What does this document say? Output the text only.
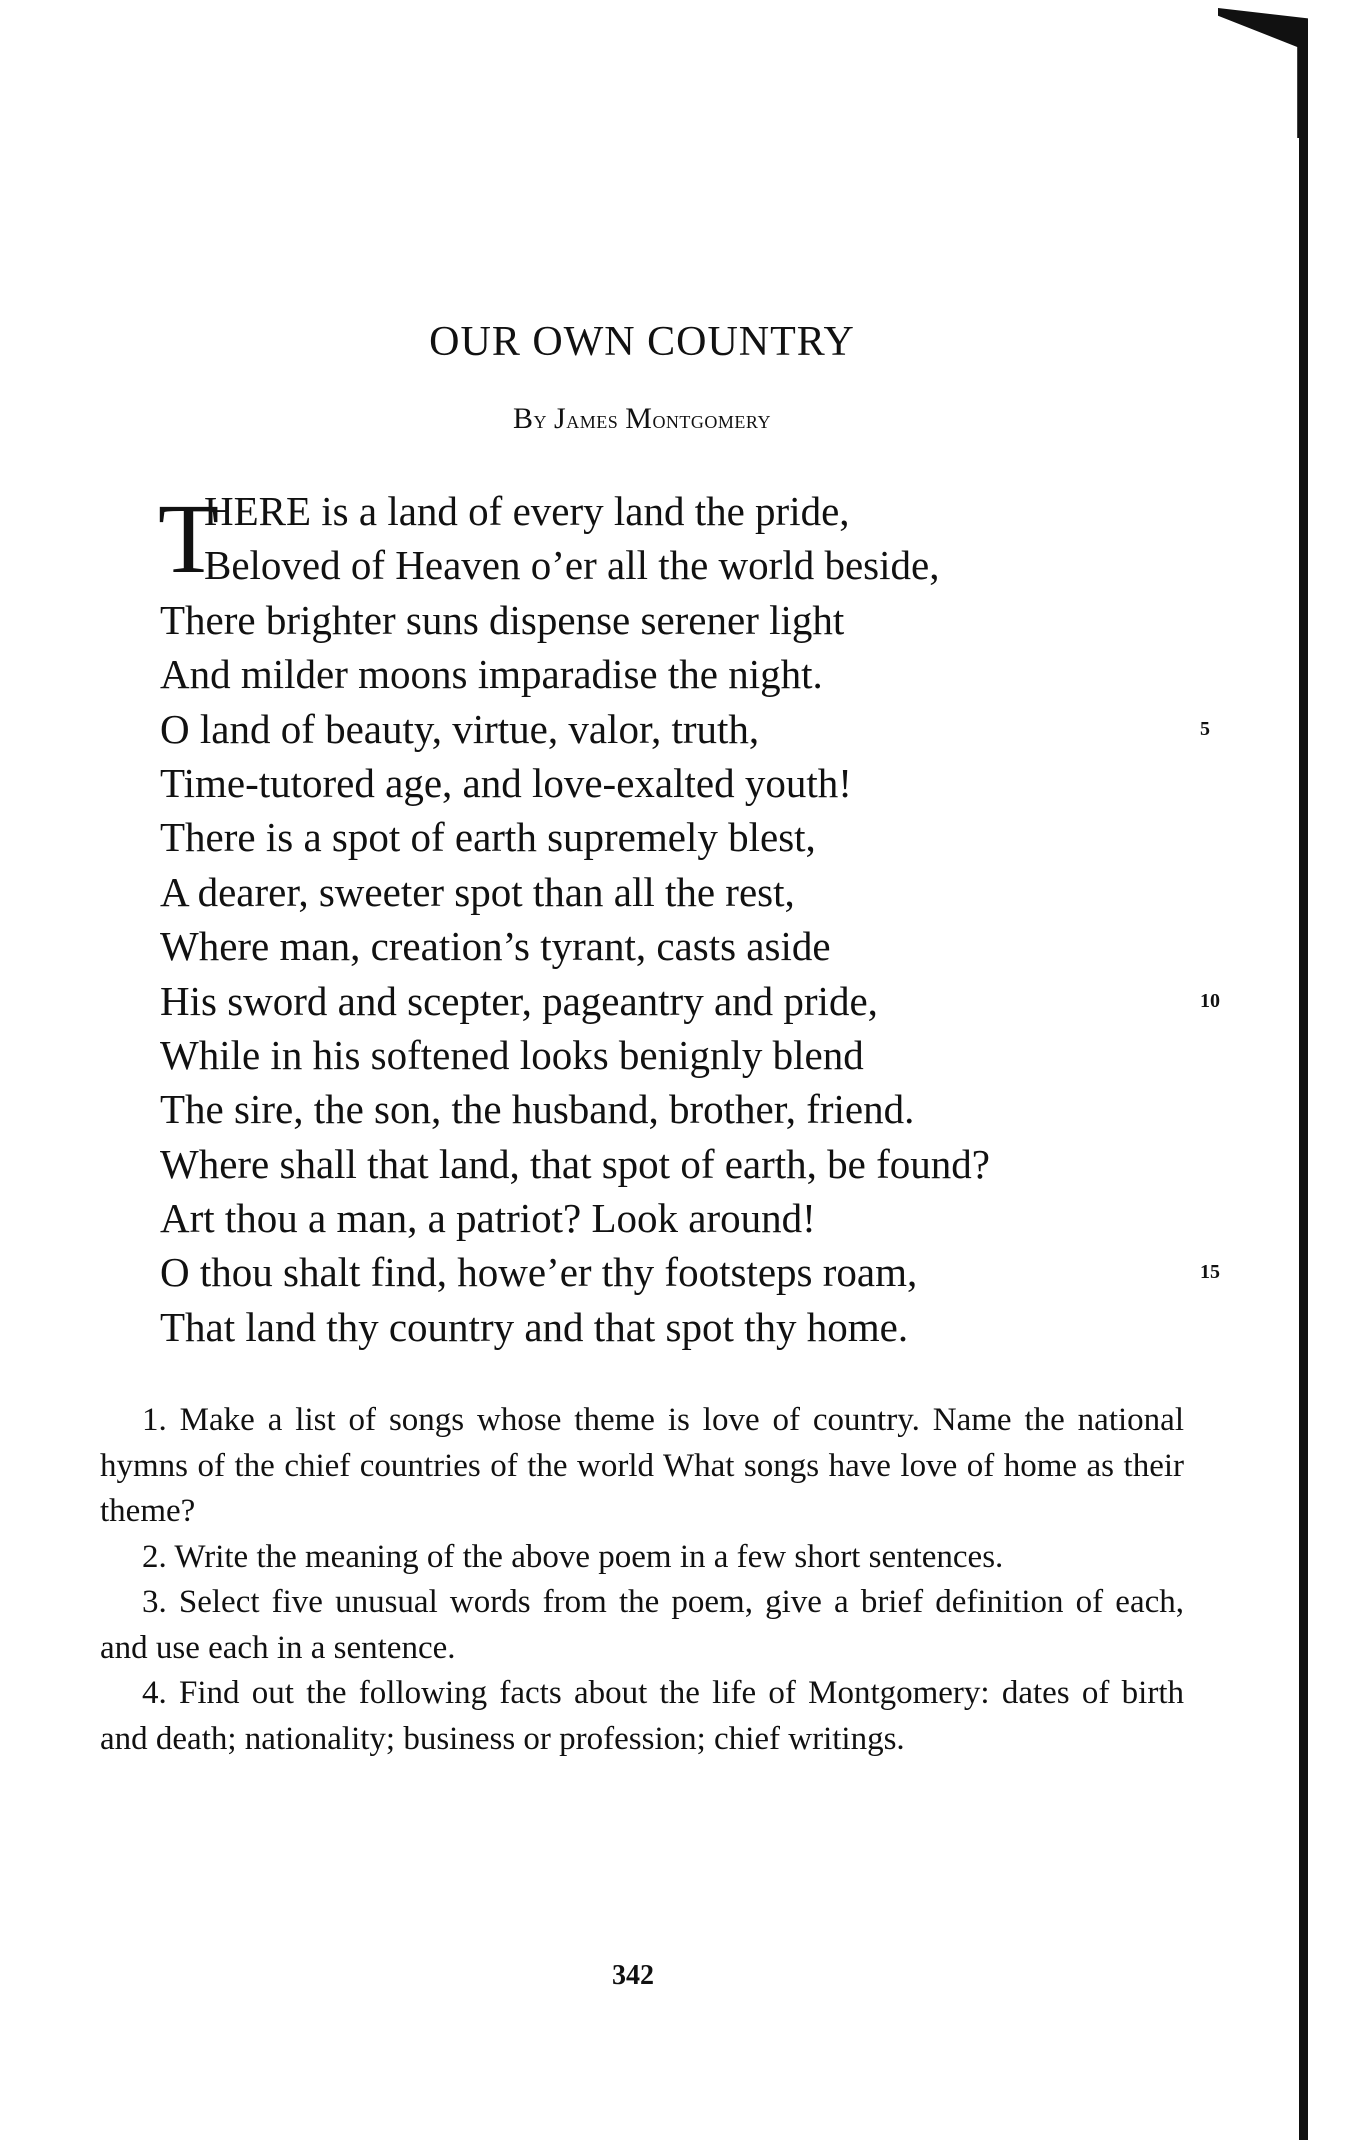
OUR OWN COUNTRY
By James Montgomery
T
HERE is a land of every land the pride,
Beloved of Heaven o’er all the world beside,
There brighter suns dispense serener light
And milder moons imparadise the night.
O land of beauty, virtue, valor, truth,	5
Time-tutored age, and love-exalted youth!
There is a spot of earth supremely blest,
A dearer, sweeter spot than all the rest,
Where man, creation’s tyrant, casts aside
His sword and scepter, pageantry and pride,	10
While in his softened looks benignly blend
The sire, the son, the husband, brother, friend.
Where shall that land, that spot of earth, be found?
Art thou a man, a patriot? Look around!
O thou shalt find, howe’er thy footsteps roam,	15
That land thy country and that spot thy home.

1. Make a list of songs whose theme is love of country. Name the national hymns of the chief countries of the world What songs have love of home as their theme?

2. Write the meaning of the above poem in a few short sentences.

3. Select five unusual words from the poem, give a brief definition of each, and use each in a sentence.

4. Find out the following facts about the life of Montgomery: dates of birth and death; nationality; business or profession; chief writings.

342
